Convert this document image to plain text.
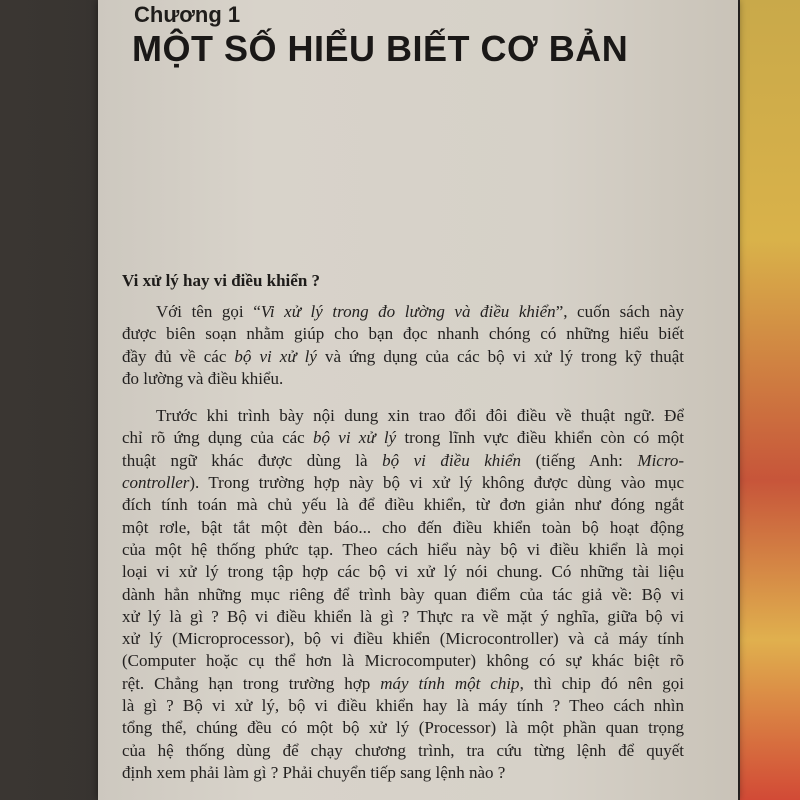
Chương 1
MỘT SỐ HIỂU BIẾT CƠ BẢN
Vi xử lý hay vi điều khiển ?

Với tên gọi “Vi xử lý trong đo lường và điều khiển”, cuốn sách này
được biên soạn nhằm giúp cho bạn đọc nhanh chóng có những hiểu biết
đầy đủ về các bộ vi xử lý và ứng dụng của các bộ vi xử lý trong kỹ thuật
đo lường và điều khiểu.

Trước khi trình bày nội dung xin trao đổi đôi điều về thuật ngữ. Để
chỉ rõ ứng dụng của các bộ vi xử lý trong lĩnh vực điều khiển còn có một
thuật ngữ khác được dùng là bộ vi điều khiển (tiếng Anh: Micro-
controller). Trong trường hợp này bộ vi xử lý không được dùng vào mục
đích tính toán mà chủ yếu là để điều khiển, từ đơn giản như đóng ngắt
một rơle, bật tắt một đèn báo... cho đến điều khiển toàn bộ hoạt động
của một hệ thống phức tạp. Theo cách hiểu này bộ vi điều khiển là mọi
loại vi xử lý trong tập hợp các bộ vi xử lý nói chung. Có những tài liệu
dành hẳn những mục riêng để trình bày quan điểm của tác giả về: Bộ vi
xử lý là gì ? Bộ vi điều khiển là gì ? Thực ra về mặt ý nghĩa, giữa bộ vi
xử lý (Microprocessor), bộ vi điều khiển (Microcontroller) và cả máy tính
(Computer hoặc cụ thể hơn là Microcomputer) không có sự khác biệt rõ
rệt. Chẳng hạn trong trường hợp máy tính một chip, thì chip đó nên gọi
là gì ? Bộ vi xử lý, bộ vi điều khiển hay là máy tính ? Theo cách nhìn
tổng thể, chúng đều có một bộ xử lý (Processor) là một phần quan trọng
của hệ thống dùng để chạy chương trình, tra cứu từng lệnh để quyết
định xem phải làm gì ? Phải chuyển tiếp sang lệnh nào ?
